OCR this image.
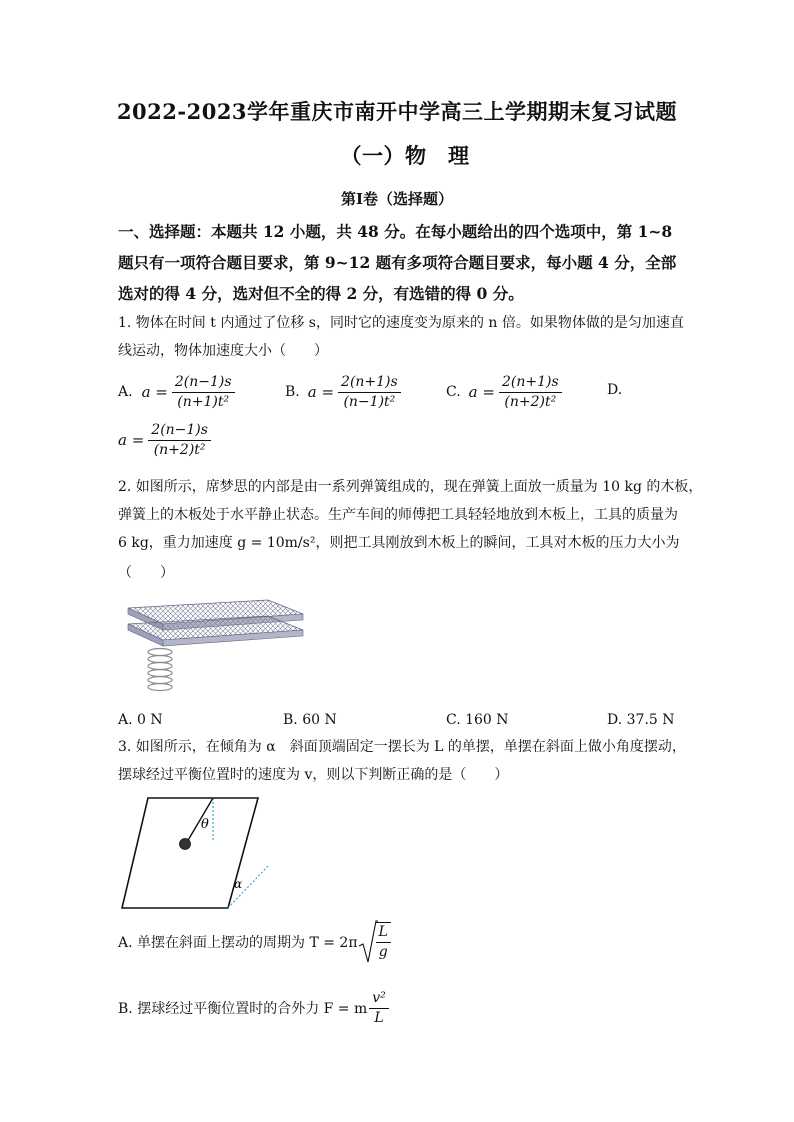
2022-2023学年重庆市南开中学高三上学期期末复习试题
（一）物　理
第Ⅰ卷（选择题）
一、选择题：本题共 12 小题，共 48 分。在每小题给出的四个选项中，第 1~8
题只有一项符合题目要求，第 9~12 题有多项符合题目要求，每小题 4 分，全部
选对的得 4 分，选对但不全的得 2 分，有选错的得 0 分。
1. 物体在时间 t 内通过了位移 s，同时它的速度变为原来的 n 倍。如果物体做的是匀加速直
线运动，物体加速度大小（　　）
A. $a = \frac{2(n-1)s}{\text{(n+1)t²}}$	B. $a = \frac{2(n+1)s}{\text{(n−1)t²}}$	C. $a = \frac{2(n+1)s}{\text{(n+2)t²}}$	D.
$a = \frac{2(n-1)s}{\text{(n+2)t²}}$
2. 如图所示，席梦思的内部是由一系列弹簧组成的，现在弹簧上面放一质量为 10 kg 的木板，
弹簧上的木板处于水平静止状态。生产车间的师傅把工具轻轻地放到木板上，工具的质量为
6 kg，重力加速度 g = 10m/s²，则把工具刚放到木板上的瞬间，工具对木板的压力大小为
（　　）
A. 0 N	B. 60 N	C. 160 N	D. 37.5 N
3. 如图所示，在倾角为 α　斜面顶端固定一摆长为 L 的单摆，单摆在斜面上做小角度摆动，
摆球经过平衡位置时的速度为 v，则以下判断正确的是（　　）
θ
α
A. 单摆在斜面上摆动的周期为 $T = 2\pi \frac{L}{g}$
B. 摆球经过平衡位置时的合外力 F = m $\frac{\text{v²}}{L}$
